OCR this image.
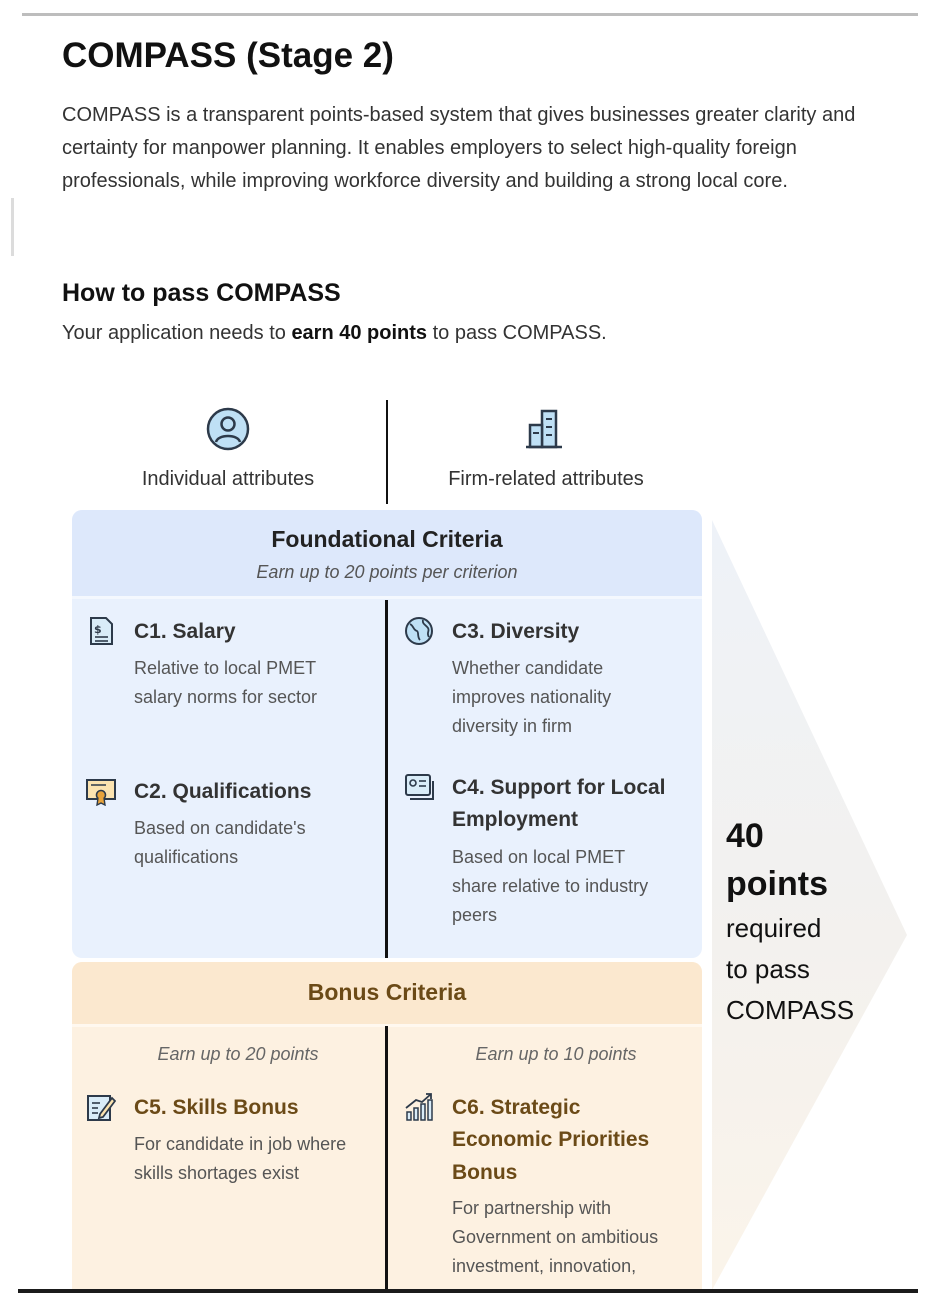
COMPASS (Stage 2)

COMPASS is a transparent points-based system that gives businesses greater clarity and certainty for manpower planning. It enables employers to select high-quality foreign professionals, while improving workforce diversity and building a strong local core.

How to pass COMPASS

Your application needs to earn 40 points to pass COMPASS.

Individual attributes	Firm-related attributes
Foundational Criteria
Earn up to 20 points per criterion
$ C1. Salary
Relative to local PMET
salary norms for sector
C2. Qualifications
Based on candidate's
qualifications
C3. Diversity
Whether candidate
improves nationality
diversity in firm
C4. Support for Local
Employment
Based on local PMET
share relative to industry
peers
Bonus Criteria
Earn up to 20 points	Earn up to 10 points
C5. Skills Bonus
For candidate in job where
skills shortages exist
C6. Strategic
Economic Priorities
Bonus
For partnership with
Government on ambitious
investment, innovation,
40
points
required
to pass
COMPASS
